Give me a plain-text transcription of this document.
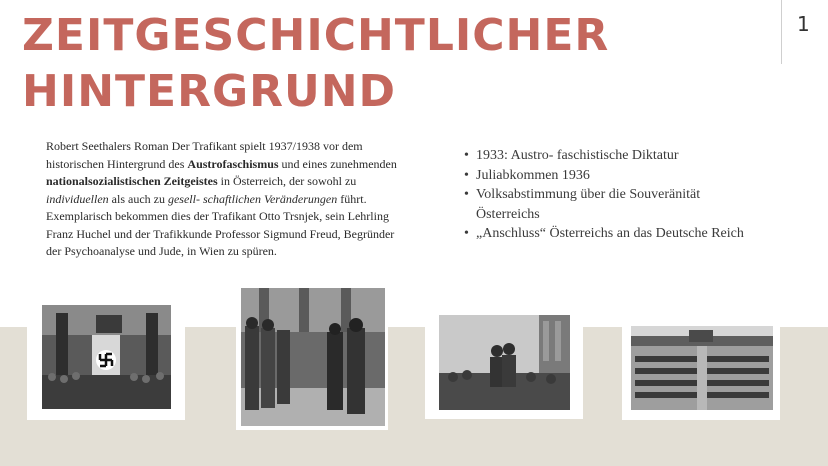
ZEITGESCHICHTLICHER
HINTERGRUND
1

Robert Seethalers Roman Der Trafikant spielt 1937/1938 vor dem historischen Hintergrund des Austrofaschismus und eines zunehmenden nationalsozialistischen Zeitgeistes in Österreich, der sowohl zu individuellen als auch zu gesell- schaftlichen Veränderungen führt. Exemplarisch bekommen dies der Trafikant Otto Trsnjek, sein Lehrling Franz Huchel und der Trafikkunde Professor Sigmund Freud, Begründer der Psychoanalyse und Jude, in Wien zu spüren.

• 1933: Austro- faschistische Diktatur
• Juliabkommen 1936
• Volksabstimmung über die Souveränität Österreichs
• „Anschluss“ Österreichs an das Deutsche Reich
